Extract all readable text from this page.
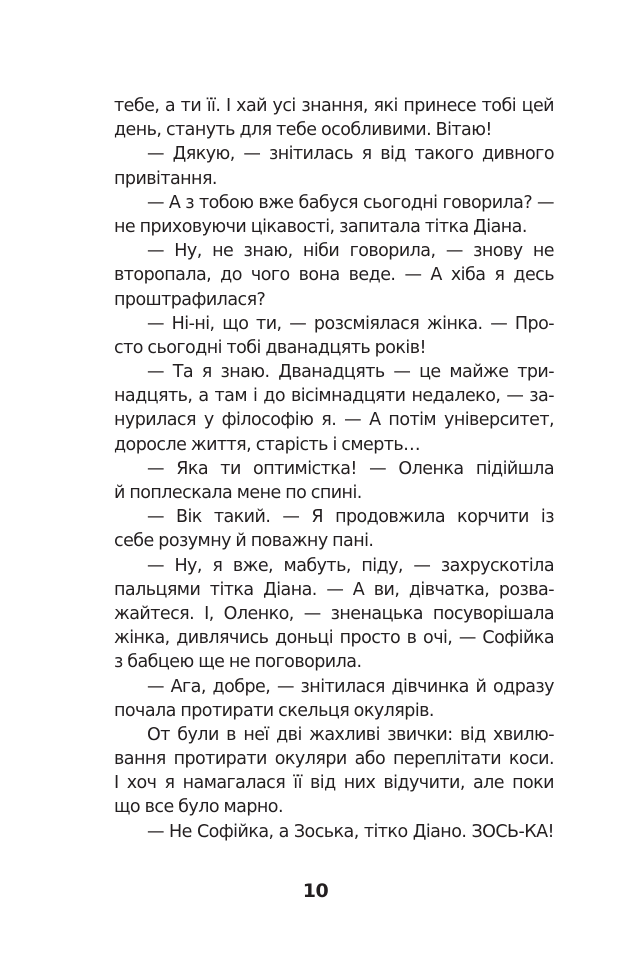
тебе, а ти її. І хай усі знання, які принесе тобі цей
день, стануть для тебе особливими. Вітаю!
— Дякую, — знітилась я від такого дивного
привітання.
— А з тобою вже бабуся сьогодні говорила? —
не приховуючи цікавості, запитала тітка Діана.
— Ну, не знаю, ніби говорила, — знову не
второпала, до чого вона веде. — А хіба я десь
проштрафилася?
— Ні-ні, що ти, — розсміялася жінка. — Про-
сто сьогодні тобі дванадцять років!
— Та я знаю. Дванадцять — це майже три-
надцять, а там і до вісімнадцяти недалеко, — за-
нурилася у філософію я. — А потім університет,
доросле життя, старість і смерть…
— Яка ти оптимістка! — Оленка підійшла
й поплескала мене по спині.
— Вік такий. — Я продовжила корчити із
себе розумну й поважну пані.
— Ну, я вже, мабуть, піду, — захрускотіла
пальцями тітка Діана. — А ви, дівчатка, розва-
жайтеся. І, Оленко, — зненацька посуворішала
жінка, дивлячись доньці просто в очі, — Софійка
з бабцею ще не поговорила.
— Ага, добре, — знітилася дівчинка й одразу
почала протирати скельця окулярів.
От були в неї дві жахливі звички: від хвилю-
вання протирати окуляри або переплітати коси.
І хоч я намагалася її від них відучити, але поки
що все було марно.
— Не Софійка, а Зоська, тітко Діано. ЗОСЬ-КА!
10
